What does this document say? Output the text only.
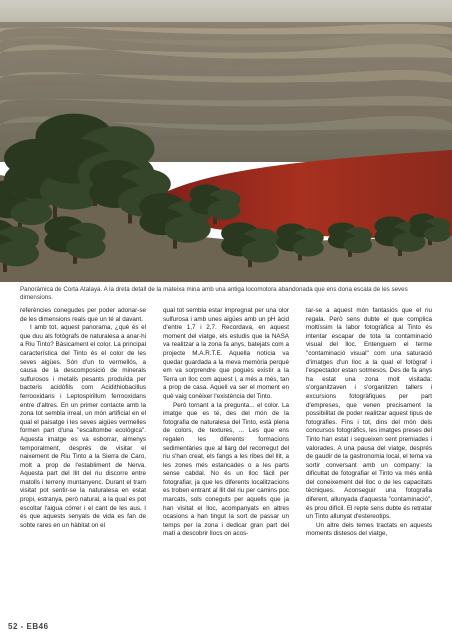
Panoràmica de Corta Atalaya. A la dreta detall de la mateixa mina amb una antiga locomotora abandonada que ens dona escala de les seves dimensions.

referències conegudes per poder adonar-se de les dimensions reals que un té al davant.

I amb tot, aquest panorama, ¿què és el que duu als fotògrafs de naturalesa a anar-hi a Riu Tinto? Bàsicament el color. La principal característica del Tinto és el color de les seves aigües. Són d'un to vermellós, a causa de la descomposició de minerals sulfurosos i metalls pesants produïda per bacteris acidòfils com Acidithiobacillus ferrooxidans i Leptospirillum ferrooxidans entre d'altres. En un primer contacte amb la zona tot sembla irreal, un món artificial en el qual el paisatge i les seves aigües vermelles formen part d'una "escaltombe ecològica". Aquesta imatge es va esborrar, almenys temporalment, després de visitar el naixement de Riu Tinto a la Sierra de Caro, molt a prop de l'establiment de Nerva. Aquesta part del llit del riu discorre entre matolls i terreny muntanyenc. Durant el tram visitat pot sentir-se la naturalesa en estat propi, estranya, però natural, a la qual es pot escoltar l'aigua córrer i el cant de les aus. I és que aquests senyals de vida es fan de sobte rares en un hàbitat on el

qual tot sembla estar impregnat per una olor sulfurosa i amb unes aigües amb un pH àcid d'entre 1,7 i 2,7. Recordava, en aquest moment del viatge, els estudis que la NASA va realitzar a la zona fa anys, batejats com a projecte M.A.R.T.E. Aquella notícia va quedar guardada a la meva memòria perquè em va sorprendre que poguès existir a la Terra un lloc com aquest i, a més a més, tan a prop de casa. Aquell va ser el moment en què vaig conèixer l'existència del Tinto.

Però tornant a la pregunta... el color. La imatge que es té, des del món de la fotografia de naturalesa del Tinto, està plena de colors, de textures, ... Les que ens regalen les diferents formacions sedimentàries que al llarg del recorregut del riu s'han creat, els fangs a les ribes del llit, a les zones més estancades o a les parts sense cabdal. No és un lloc fàcil per fotografiar, ja que les diferents localitzacions es troben entrant al llit del riu per camins poc marcats, sols coneguts per aquells que ja han visitat el lloc, acompanyats en altres ocasions a han tingut la sort de passar un temps per la zona i dedicar gran part del matí a descobrir llocs on acos-

tar-se a aquest món fantasiós que el riu regala. Però sens dubte el que complica moltíssim la labor fotogràfica al Tinto és intentar escapar de tota la contaminació visual del lloc. Entenguem el terme "contaminació visual" com una saturació d'imatges d'un lloc a la qual el fotògraf i l'espectador estan sotmesos. Des de fa anys ha estat una zona molt visitada: s'organitzaven i s'organitzen tallers i excursions fotogràfiques per part d'empreses, que venen precisament la possibilitat de poder realitzar aquest tipus de fotografies. Fins i tot, dins del món dels concursos fotogràfics, les imatges preses del Tinto han estat i segueixen sent premiades i valorades. A una pausa del viatge, després de gaudir de la gastronomia local, el tema va sortir conversant amb un company: la dificultat de fotografiar el Tinto va més enllà del coneixement del lloc o de les capacitats tècniques. Aconseguir una fotografia diferent, allunyada d'aquesta "contaminació", és prou difícil. El repte sens dubte és retratar un Tinto allunyat d'estereotips.

Un altre dels temes tractats en aquests moments distesos del viatge,

52 - EB46
